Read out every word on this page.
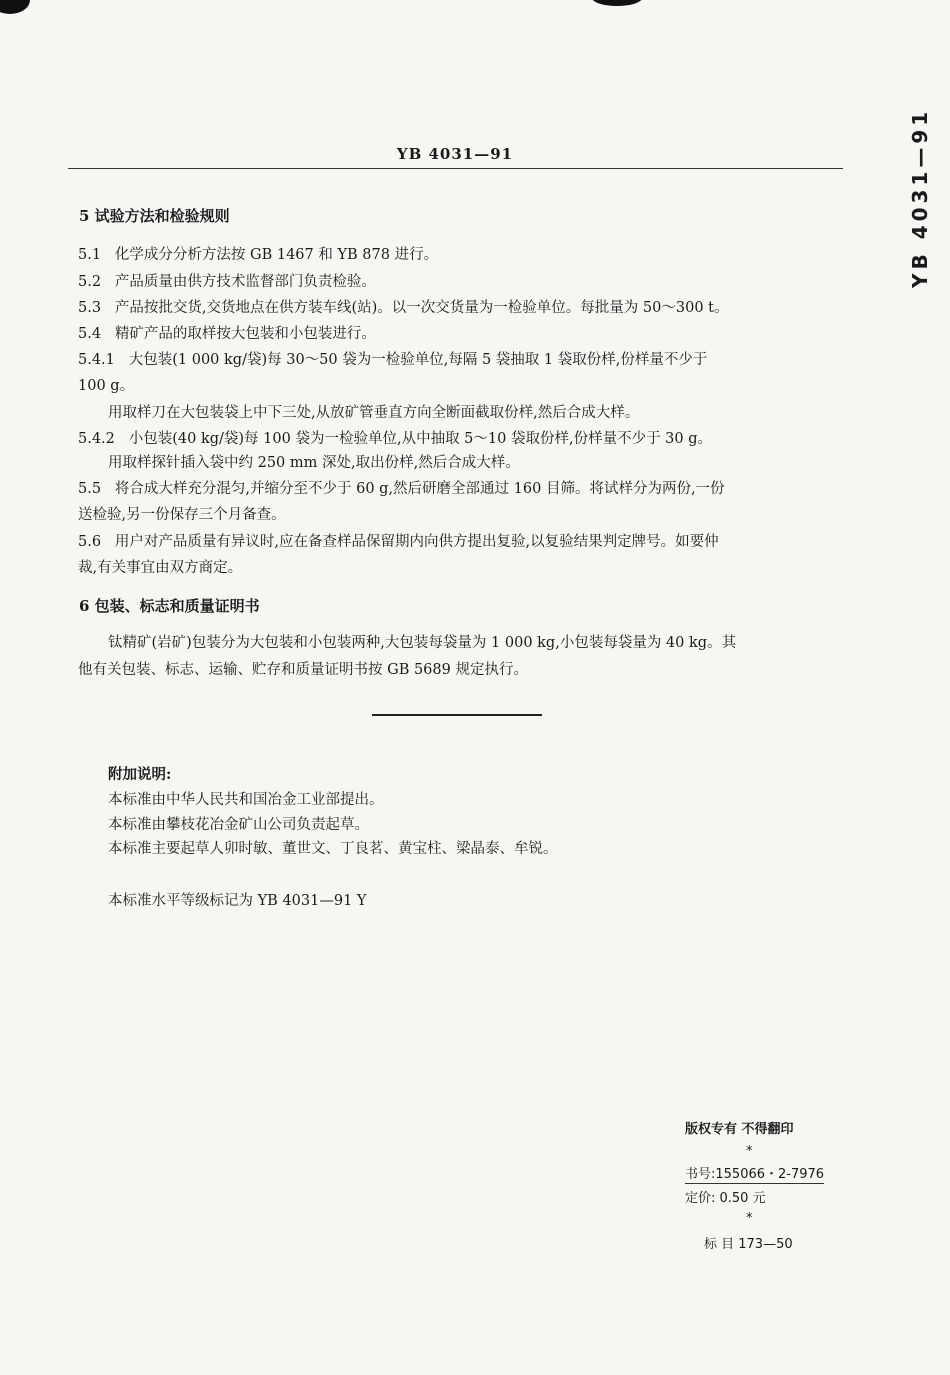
YB 4031—91	YB 4031—91
5 试验方法和检验规则
5.1 化学成分分析方法按 GB 1467 和 YB 878 进行。
5.2 产品质量由供方技术监督部门负责检验。
5.3 产品按批交货,交货地点在供方装车线(站)。以一次交货量为一检验单位。每批量为 50～300 t。
5.4 精矿产品的取样按大包装和小包装进行。
5.4.1 大包装(1 000 kg/袋)每 30～50 袋为一检验单位,每隔 5 袋抽取 1 袋取份样,份样量不少于
100 g。
用取样刀在大包装袋上中下三处,从放矿管垂直方向全断面截取份样,然后合成大样。
5.4.2 小包装(40 kg/袋)每 100 袋为一检验单位,从中抽取 5～10 袋取份样,份样量不少于 30 g。
用取样探针插入袋中约 250 mm 深处,取出份样,然后合成大样。
5.5 将合成大样充分混匀,并缩分至不少于 60 g,然后研磨全部通过 160 目筛。将试样分为两份,一份
送检验,另一份保存三个月备查。
5.6 用户对产品质量有异议时,应在备查样品保留期内向供方提出复验,以复验结果判定牌号。如要仲
裁,有关事宜由双方商定。
6 包装、标志和质量证明书
钛精矿(岩矿)包装分为大包装和小包装两种,大包装每袋量为 1 000 kg,小包装每袋量为 40 kg。其
他有关包装、标志、运输、贮存和质量证明书按 GB 5689 规定执行。
附加说明:
本标准由中华人民共和国冶金工业部提出。
本标准由攀枝花冶金矿山公司负责起草。
本标准主要起草人卯时敏、董世文、丁良茗、黄宝柱、梁晶泰、牟锐。
本标准水平等级标记为 YB 4031—91 Y
版权专有 不得翻印
*
书号:155066・2-7976
定价: 0.50 元
*
标 目 173—50
